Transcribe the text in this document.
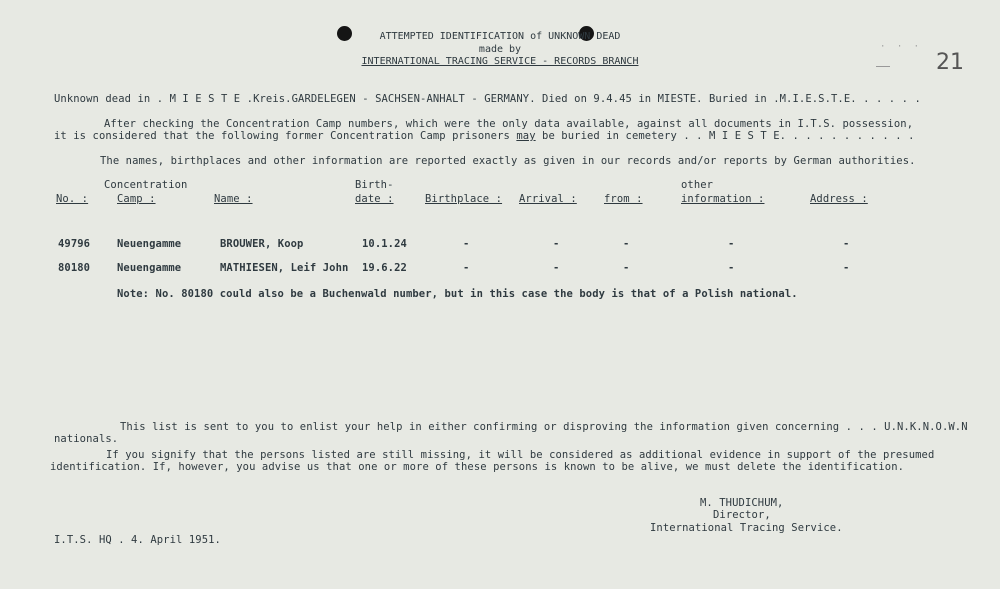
ATTEMPTED IDENTIFICATION of UNKNOWN DEAD
made by
INTERNATIONAL TRACING SERVICE - RECORDS BRANCH
· · ·
21
Unknown dead in . M I E S T E .Kreis.GARDELEGEN - SACHSEN-ANHALT - GERMANY. Died on 9.4.45 in MIESTE. Buried in .M.I.E.S.T.E. . . . . .
After checking the Concentration Camp numbers, which were the only data available, against all documents in I.T.S. possession,
it is considered that the following former Concentration Camp prisoners may be buried in cemetery . . M I E S T E. . . . . . . . . . .
The names, birthplaces and other information are reported exactly as given in our records and/or reports by German authorities.
Concentration	Birth-	other
No. :	Camp :	Name :	date :	Birthplace : Arrival :	from :	information :	Address :
49796	Neuengamme	BROUWER, Koop	10.1.24	-	-	-	-	-
80180	Neuengamme	MATHIESEN, Leif John 19.6.22	-	-	-	-	-
Note: No. 80180 could also be a Buchenwald number, but in this case the body is that of a Polish national.
This list is sent to you to enlist your help in either confirming or disproving the information given concerning . . . U.N.K.N.O.W.N
nationals.
If you signify that the persons listed are still missing, it will be considered as additional evidence in support of the presumed
identification. If, however, you advise us that one or more of these persons is known to be alive, we must delete the identification.
M. THUDICHUM,
Director,
International Tracing Service.
I.T.S. HQ . 4. April 1951.
